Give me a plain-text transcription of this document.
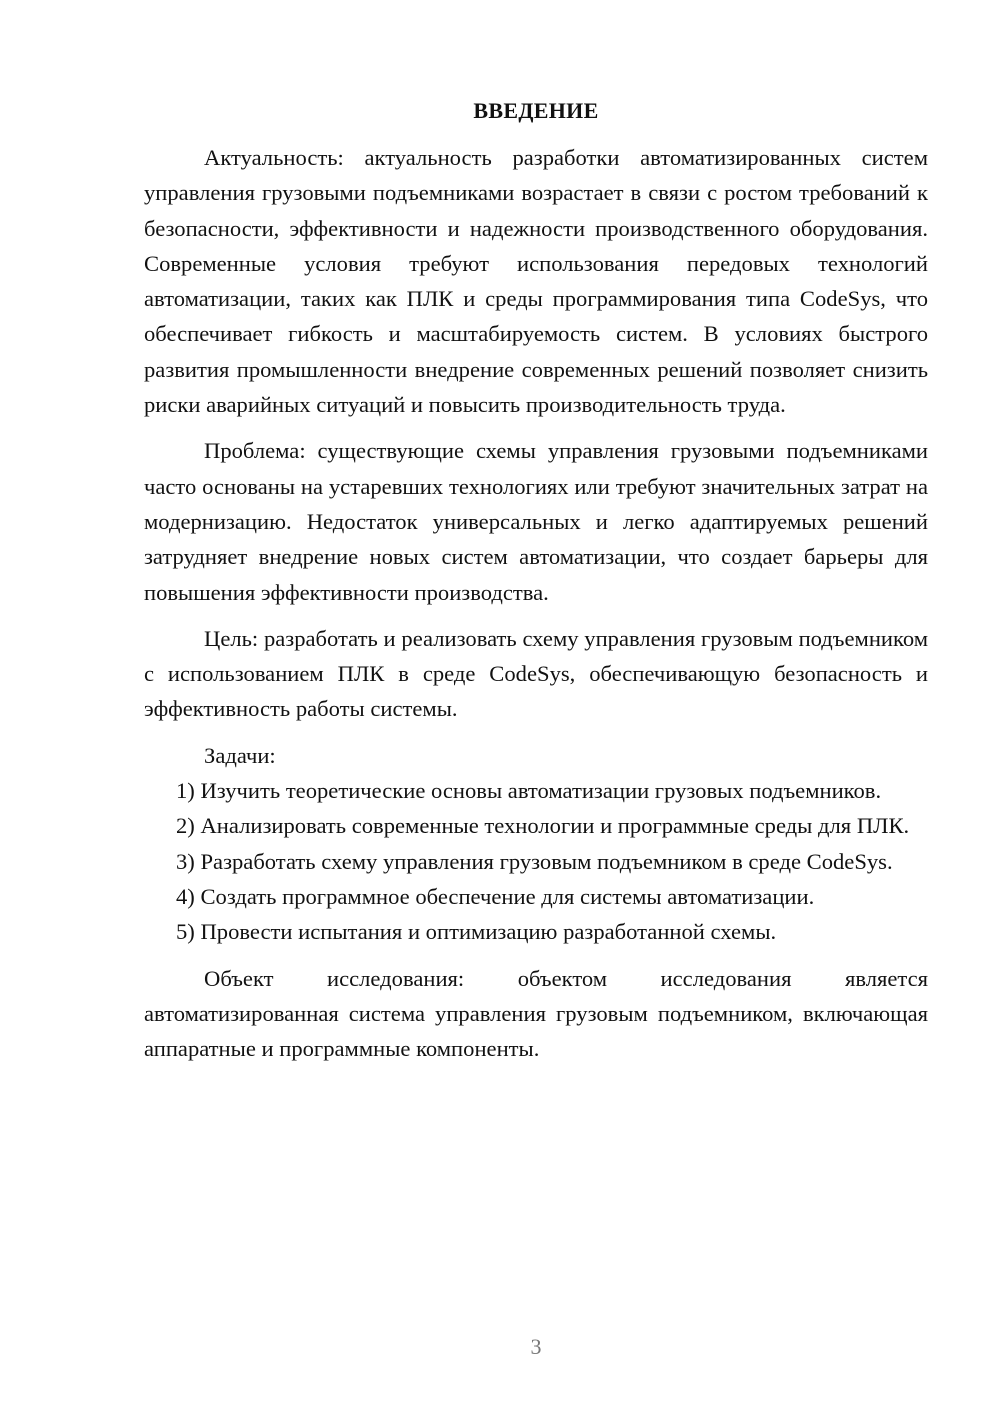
ВВЕДЕНИЕ

Актуальность: актуальность разработки автоматизированных систем управления грузовыми подъемниками возрастает в связи с ростом требований к безопасности, эффективности и надежности производственного оборудования. Современные условия требуют использования передовых технологий автоматизации, таких как ПЛК и среды программирования типа CodeSys, что обеспечивает гибкость и масштабируемость систем. В условиях быстрого развития промышленности внедрение современных решений позволяет снизить риски аварийных ситуаций и повысить производительность труда.

Проблема: существующие схемы управления грузовыми подъемниками часто основаны на устаревших технологиях или требуют значительных затрат на модернизацию. Недостаток универсальных и легко адаптируемых решений затрудняет внедрение новых систем автоматизации, что создает барьеры для повышения эффективности производства.

Цель: разработать и реализовать схему управления грузовым подъемником с использованием ПЛК в среде CodeSys, обеспечивающую безопасность и эффективность работы системы.

Задачи:

1) Изучить теоретические основы автоматизации грузовых подъемников.

2) Анализировать современные технологии и программные среды для ПЛК.

3) Разработать схему управления грузовым подъемником в среде CodeSys.

4) Создать программное обеспечение для системы автоматизации.

5) Провести испытания и оптимизацию разработанной схемы.

Объект исследования: объектом исследования является автоматизированная система управления грузовым подъемником, включающая аппаратные и программные компоненты.

3
